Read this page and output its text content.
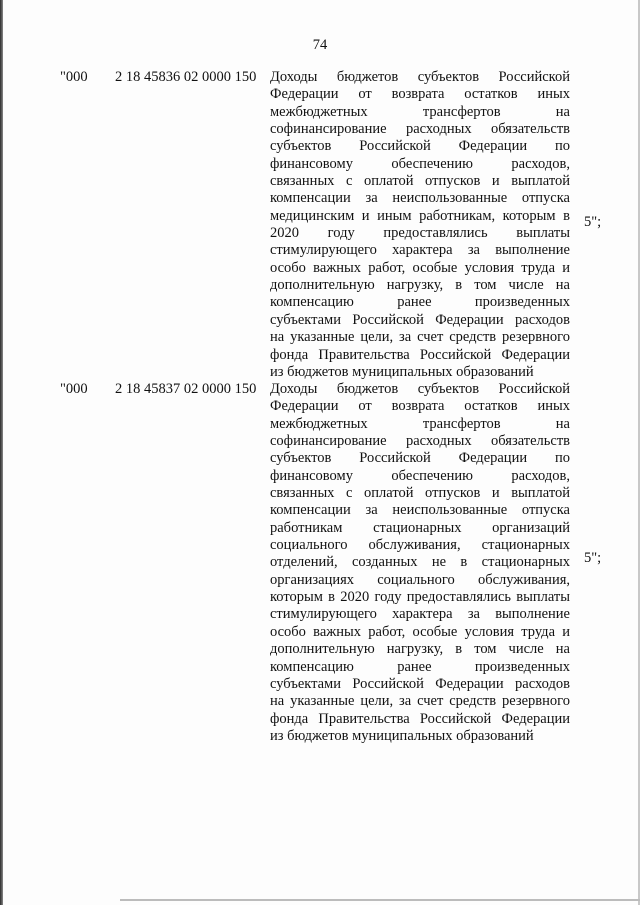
74
"000 2 18 45836 02 0000 150 Доходы бюджетов субъектов Российской
Федерации от возврата остатков иных
межбюджетных трансфертов на
софинансирование расходных обязательств
субъектов Российской Федерации по
финансовому обеспечению расходов,
связанных с оплатой отпусков и выплатой
компенсации за неиспользованные отпуска
медицинским и иным работникам, которым в
2020 году предоставлялись выплаты
стимулирующего характера за выполнение
особо важных работ, особые условия труда и
дополнительную нагрузку, в том числе на
компенсацию ранее произведенных
субъектами Российской Федерации расходов
на указанные цели, за счет средств резервного
фонда Правительства Российской Федерации
из бюджетов муниципальных образований
5";
"000 2 18 45837 02 0000 150 Доходы бюджетов субъектов Российской
Федерации от возврата остатков иных
межбюджетных трансфертов на
софинансирование расходных обязательств
субъектов Российской Федерации по
финансовому обеспечению расходов,
связанных с оплатой отпусков и выплатой
компенсации за неиспользованные отпуска
работникам стационарных организаций
социального обслуживания, стационарных
отделений, созданных не в стационарных
организациях социального обслуживания,
которым в 2020 году предоставлялись выплаты
стимулирующего характера за выполнение
особо важных работ, особые условия труда и
дополнительную нагрузку, в том числе на
компенсацию ранее произведенных
субъектами Российской Федерации расходов
на указанные цели, за счет средств резервного
фонда Правительства Российской Федерации
из бюджетов муниципальных образований
5";
